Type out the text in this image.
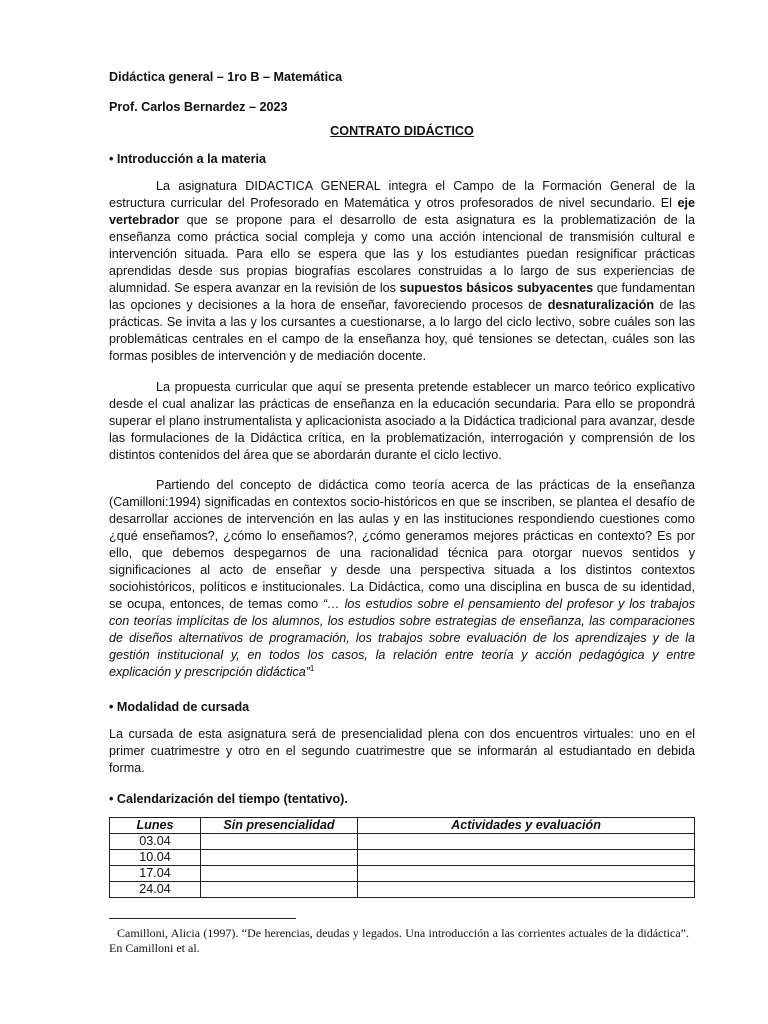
Didáctica general – 1ro B – Matemática

Prof. Carlos Bernardez – 2023

CONTRATO DIDÁCTICO
• Introducción a la materia

La asignatura DIDACTICA GENERAL integra el Campo de la Formación General de la estructura curricular del Profesorado en Matemática y otros profesorados de nivel secundario. El eje vertebrador que se propone para el desarrollo de esta asignatura es la problematización de la enseñanza como práctica social compleja y como una acción intencional de transmisión cultural e intervención situada. Para ello se espera que las y los estudiantes puedan resignificar prácticas aprendidas desde sus propias biografías escolares construidas a lo largo de sus experiencias de alumnidad. Se espera avanzar en la revisión de los supuestos básicos subyacentes que fundamentan las opciones y decisiones a la hora de enseñar, favoreciendo procesos de desnaturalización de las prácticas. Se invita a las y los cursantes a cuestionarse, a lo largo del ciclo lectivo, sobre cuáles son las problemáticas centrales en el campo de la enseñanza hoy, qué tensiones se detectan, cuáles son las formas posibles de intervención y de mediación docente.

La propuesta curricular que aquí se presenta pretende establecer un marco teórico explicativo desde el cual analizar las prácticas de enseñanza en la educación secundaria. Para ello se propondrá superar el plano instrumentalista y aplicacionista asociado a la Didáctica tradicional para avanzar, desde las formulaciones de la Didáctica crítica, en la problematización, interrogación y comprensión de los distintos contenidos del área que se abordarán durante el ciclo lectivo.

Partiendo del concepto de didáctica como teoría acerca de las prácticas de la enseñanza (Camilloni:1994) significadas en contextos socio-históricos en que se inscriben, se plantea el desafío de desarrollar acciones de intervención en las aulas y en las instituciones respondiendo cuestiones como ¿qué enseñamos?, ¿cómo lo enseñamos?, ¿cómo generamos mejores prácticas en contexto? Es por ello, que debemos despegarnos de una racionalidad técnica para otorgar nuevos sentidos y significaciones al acto de enseñar y desde una perspectiva situada a los distintos contextos sociohistóricos, políticos e institucionales. La Didáctica, como una disciplina en busca de su identidad, se ocupa, entonces, de temas como “… los estudios sobre el pensamiento del profesor y los trabajos con teorías implícitas de los alumnos, los estudios sobre estrategias de enseñanza, las comparaciones de diseños alternativos de programación, los trabajos sobre evaluación de los aprendizajes y de la gestión institucional y, en todos los casos, la relación entre teoría y acción pedagógica y entre explicación y prescripción didáctica”$^1$

• Modalidad de cursada

La cursada de esta asignatura será de presencialidad plena con dos encuentros virtuales: uno en el primer cuatrimestre y otro en el segundo cuatrimestre que se informarán al estudiantado en debida forma.

• Calendarización del tiempo (tentativo).
Lunes	Sin presencialidad	Actividades y evaluación
03.04		
10.04		
17.04		
24.04		
Camilloni, Alicia (1997). “De herencias, deudas y legados. Una introducción a las corrientes actuales de la didáctica”. En Camilloni et al.
